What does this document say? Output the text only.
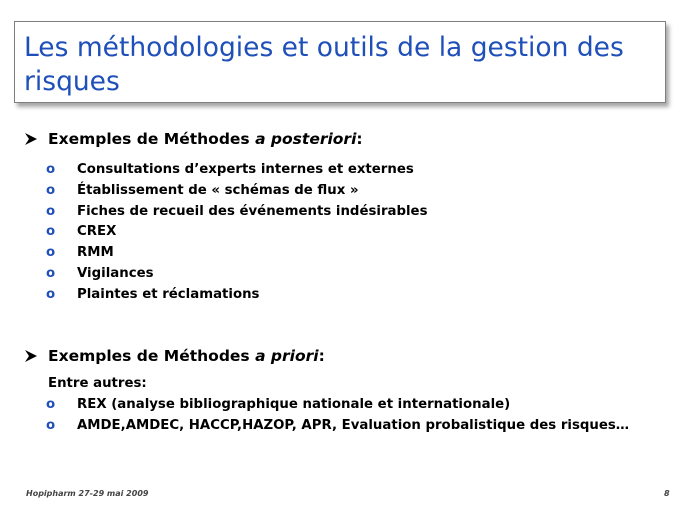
Les méthodologies et outils de la gestion des risques
Exemples de Méthodes
a posteriori :
o	Consultations d’experts internes et externes
o	Établissement de « schémas de flux »
o	Fiches de recueil des événements indésirables
o	CREX
o	RMM
o	Vigilances
o	Plaintes et réclamations
Exemples de Méthodes
a priori :
Entre autres:
o	REX (analyse bibliographique nationale et internationale)
o	AMDE,AMDEC, HACCP,HAZOP, APR, Evaluation probalistique des risques…
Hopipharm 27-29 mai 2009	8
